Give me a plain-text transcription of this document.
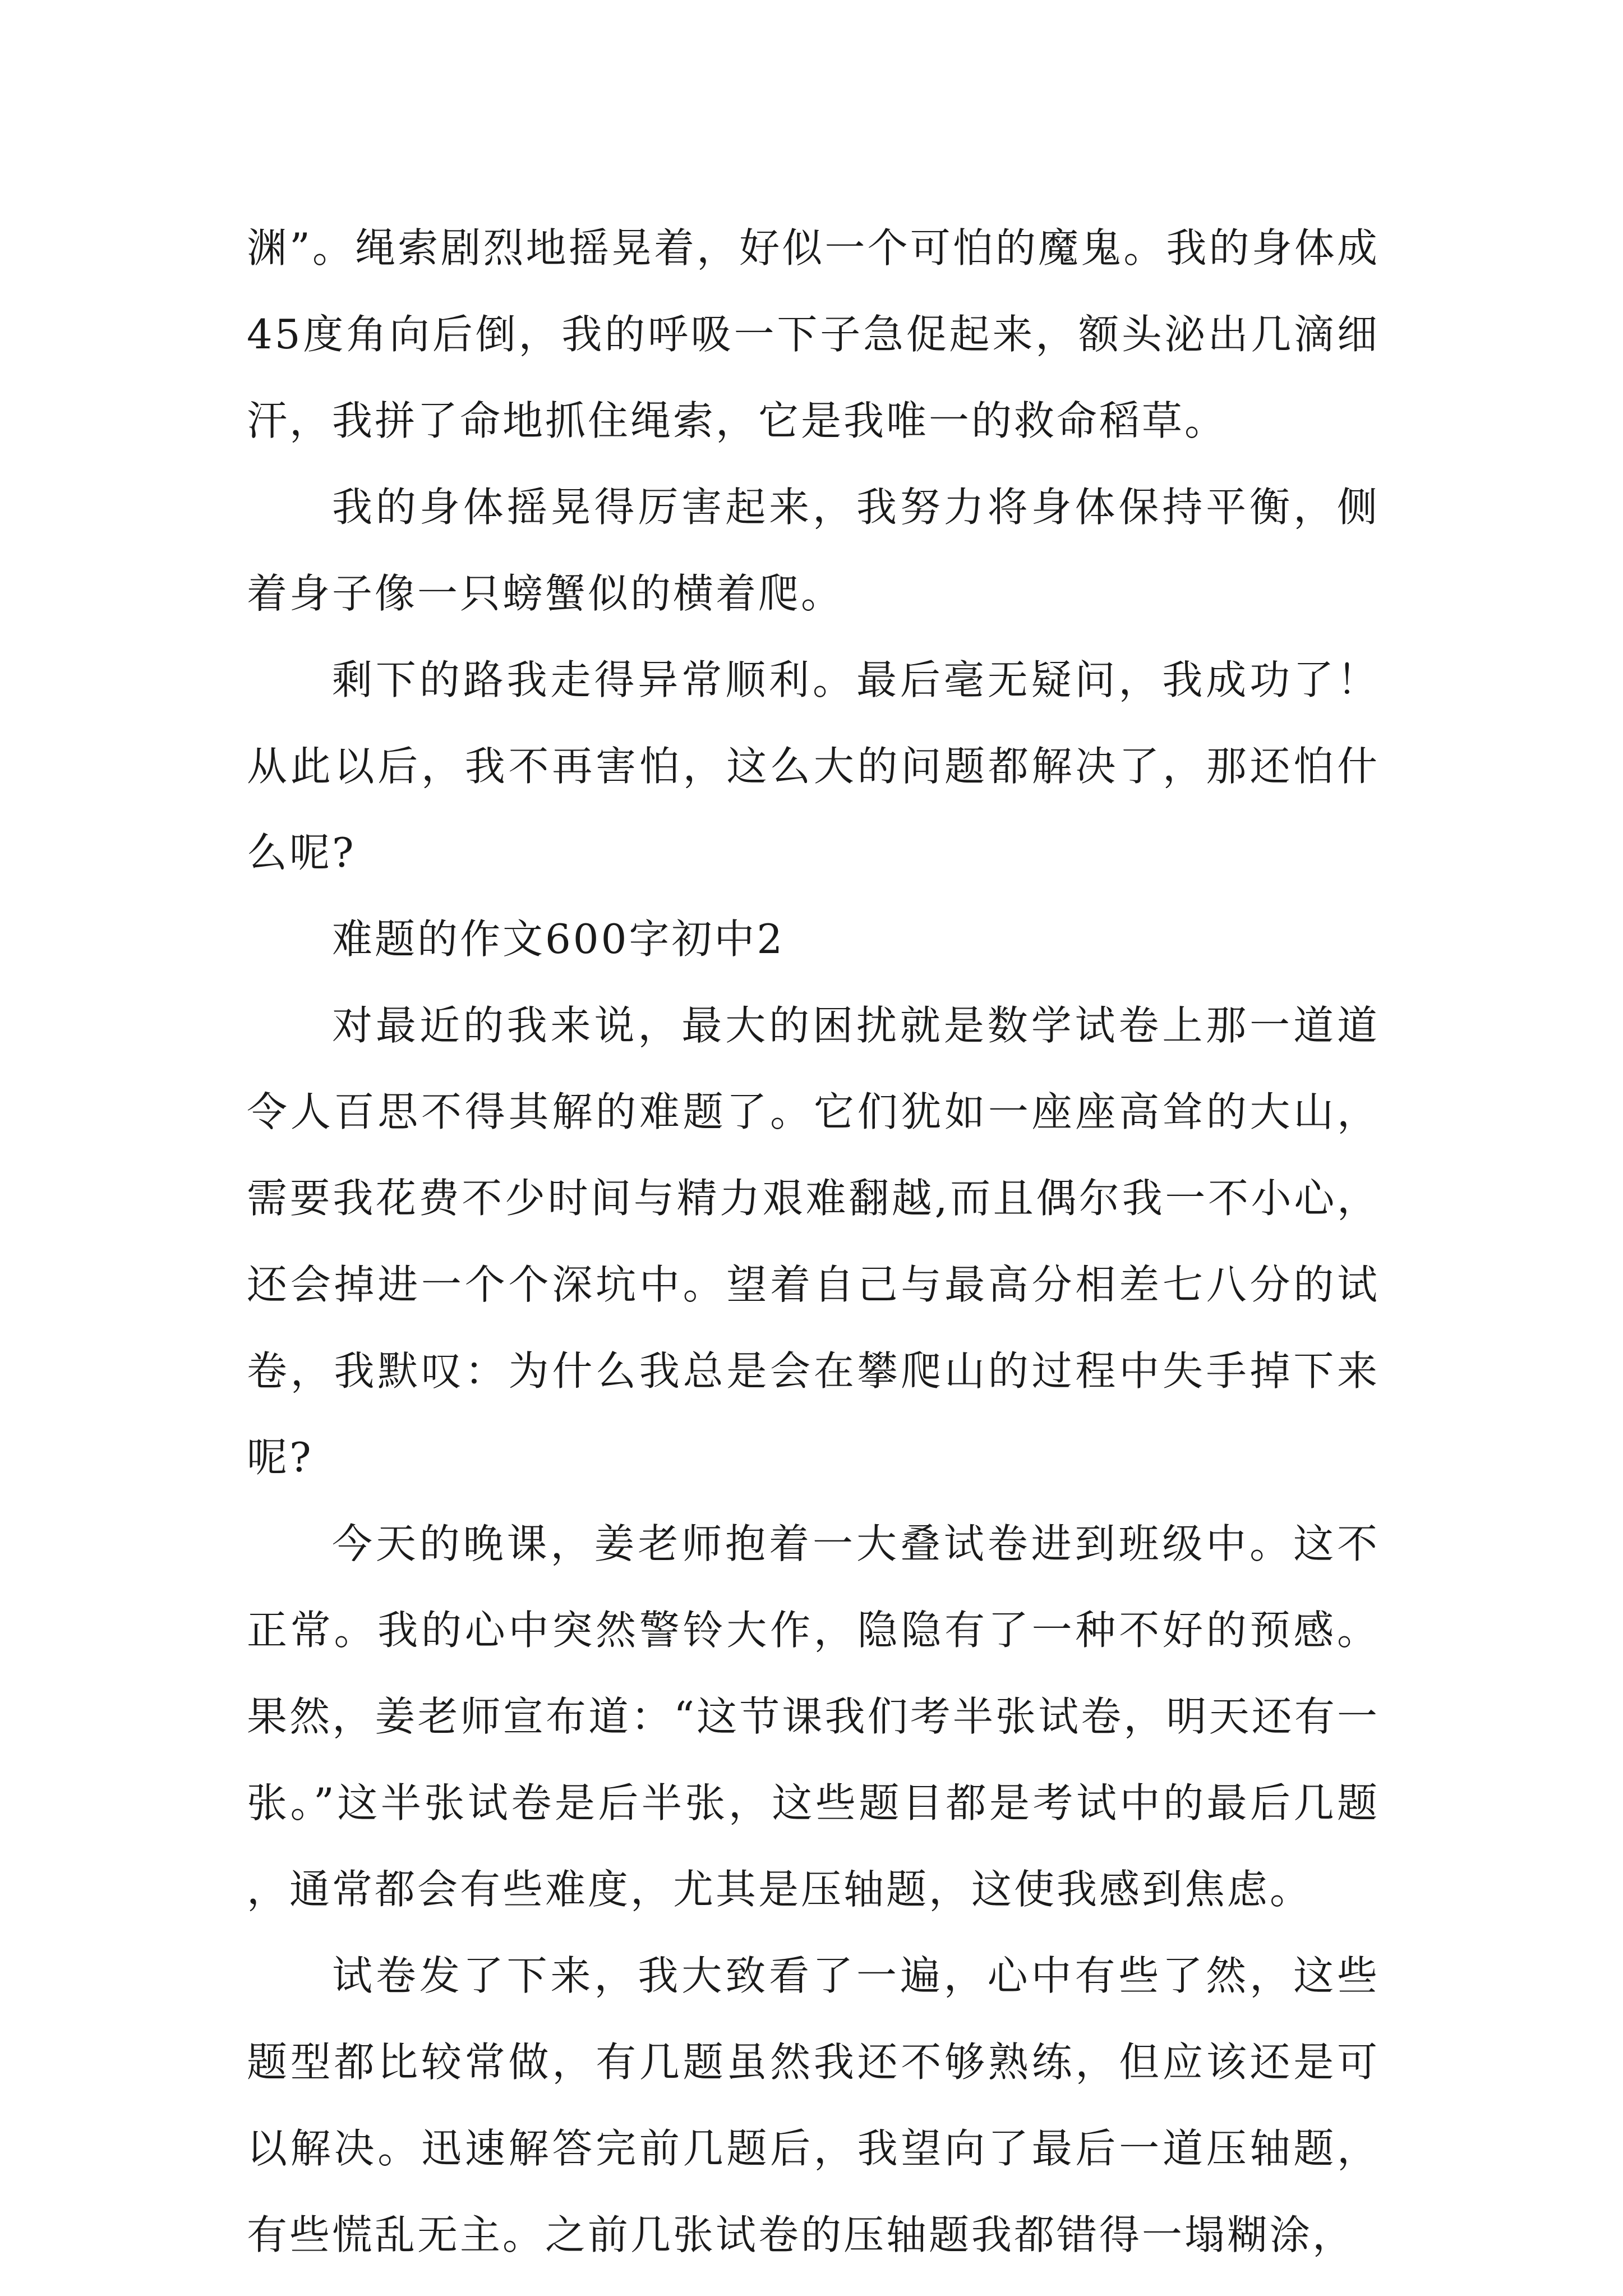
渊”。绳索剧烈地摇晃着，好似一个可怕的魔鬼。我的身体成45度角向后倒，我的呼吸一下子急促起来，额头泌出几滴细汗，我拼了命地抓住绳索，它是我唯一的救命稻草。

我的身体摇晃得厉害起来，我努力将身体保持平衡，侧着身子像一只螃蟹似的横着爬。

剩下的路我走得异常顺利。最后毫无疑问，我成功了！从此以后，我不再害怕，这么大的问题都解决了，那还怕什么呢?

难题的作文600字初中2

对最近的我来说，最大的困扰就是数学试卷上那一道道令人百思不得其解的难题了。它们犹如一座座高耸的大山，需要我花费不少时间与精力艰难翻越,而且偶尔我一不小心，还会掉进一个个深坑中。望着自己与最高分相差七八分的试卷，我默叹：为什么我总是会在攀爬山的过程中失手掉下来呢?

今天的晚课，姜老师抱着一大叠试卷进到班级中。这不正常。我的心中突然警铃大作，隐隐有了一种不好的预感。果然，姜老师宣布道：“这节课我们考半张试卷，明天还有一张。”这半张试卷是后半张，这些题目都是考试中的最后几题，通常都会有些难度，尤其是压轴题，这使我感到焦虑。

试卷发了下来，我大致看了一遍，心中有些了然，这些题型都比较常做，有几题虽然我还不够熟练，但应该还是可以解决。迅速解答完前几题后，我望向了最后一道压轴题，有些慌乱无主。之前几张试卷的压轴题我都错得一塌糊涂，
